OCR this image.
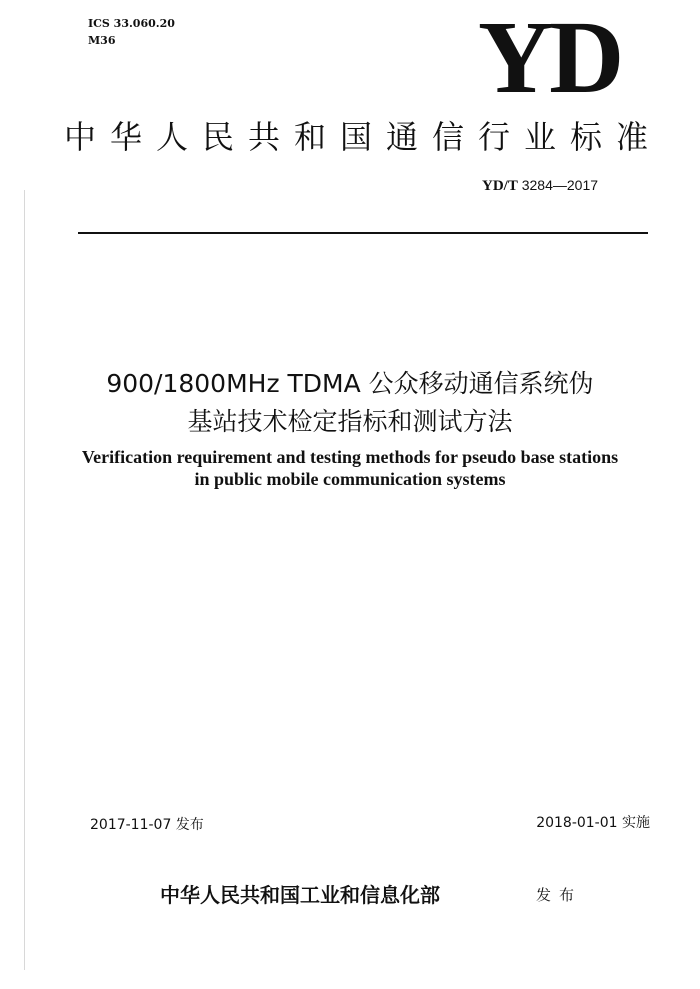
ICS 33.060.20
M36	YD
中华人民共和国通信行业标准
YD/T 3284—2017
900/1800MHz TDMA 公众移动通信系统伪
基站技术检定指标和测试方法
Verification requirement and testing methods for pseudo base stations
in public mobile communication systems
2017-11-07 发布	2018-01-01 实施
中华人民共和国工业和信息化部	发布
